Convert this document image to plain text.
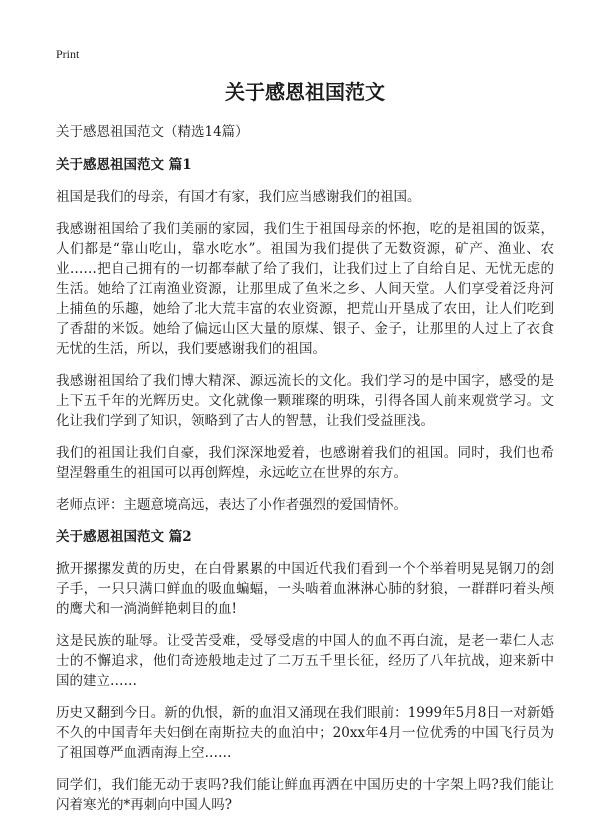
Print
关于感恩祖国范文
关于感恩祖国范文（精选14篇）
关于感恩祖国范文 篇1

祖国是我们的母亲，有国才有家，我们应当感谢我们的祖国。

我感谢祖国给了我们美丽的家园，我们生于祖国母亲的怀抱，吃的是祖国的饭菜，人们都是“靠山吃山，靠水吃水”。祖国为我们提供了无数资源，矿产、渔业、农业……把自己拥有的一切都奉献了给了我们，让我们过上了自给自足、无忧无虑的生活。她给了江南渔业资源，让那里成了鱼米之乡、人间天堂。人们享受着泛舟河上捕鱼的乐趣，她给了北大荒丰富的农业资源，把荒山开垦成了农田，让人们吃到了香甜的米饭。她给了偏远山区大量的原煤、银子、金子，让那里的人过上了衣食无忧的生活，所以，我们要感谢我们的祖国。

我感谢祖国给了我们博大精深、源远流长的文化。我们学习的是中国字，感受的是上下五千年的光辉历史。文化就像一颗璀璨的明珠，引得各国人前来观赏学习。文化让我们学到了知识，领略到了古人的智慧，让我们受益匪浅。

我们的祖国让我们自豪，我们深深地爱着，也感谢着我们的祖国。同时，我们也希望涅磐重生的祖国可以再创辉煌，永远屹立在世界的东方。

老师点评：主题意境高远，表达了小作者强烈的爱国情怀。

关于感恩祖国范文 篇2

掀开摞摞发黄的历史，在白骨累累的中国近代我们看到一个个举着明晃晃钢刀的刽子手，一只只满口鲜血的吸血蝙蝠，一头啮着血淋淋心肺的豺狼，一群群叼着头颅的鹰犬和一淌淌鲜艳刺目的血!

这是民族的耻辱。让受苦受难，受辱受虐的中国人的血不再白流，是老一辈仁人志士的不懈追求，他们奇迹般地走过了二万五千里长征，经历了八年抗战，迎来新中国的建立……

历史又翻到今日。新的仇恨，新的血泪又涌现在我们眼前：1999年5月8日一对新婚不久的中国青年夫妇倒在南斯拉夫的血泊中；20xx年4月一位优秀的中国飞行员为了祖国尊严血洒南海上空……

同学们，我们能无动于衷吗?我们能让鲜血再洒在中国历史的十字架上吗?我们能让闪着寒光的*再刺向中国人吗?
